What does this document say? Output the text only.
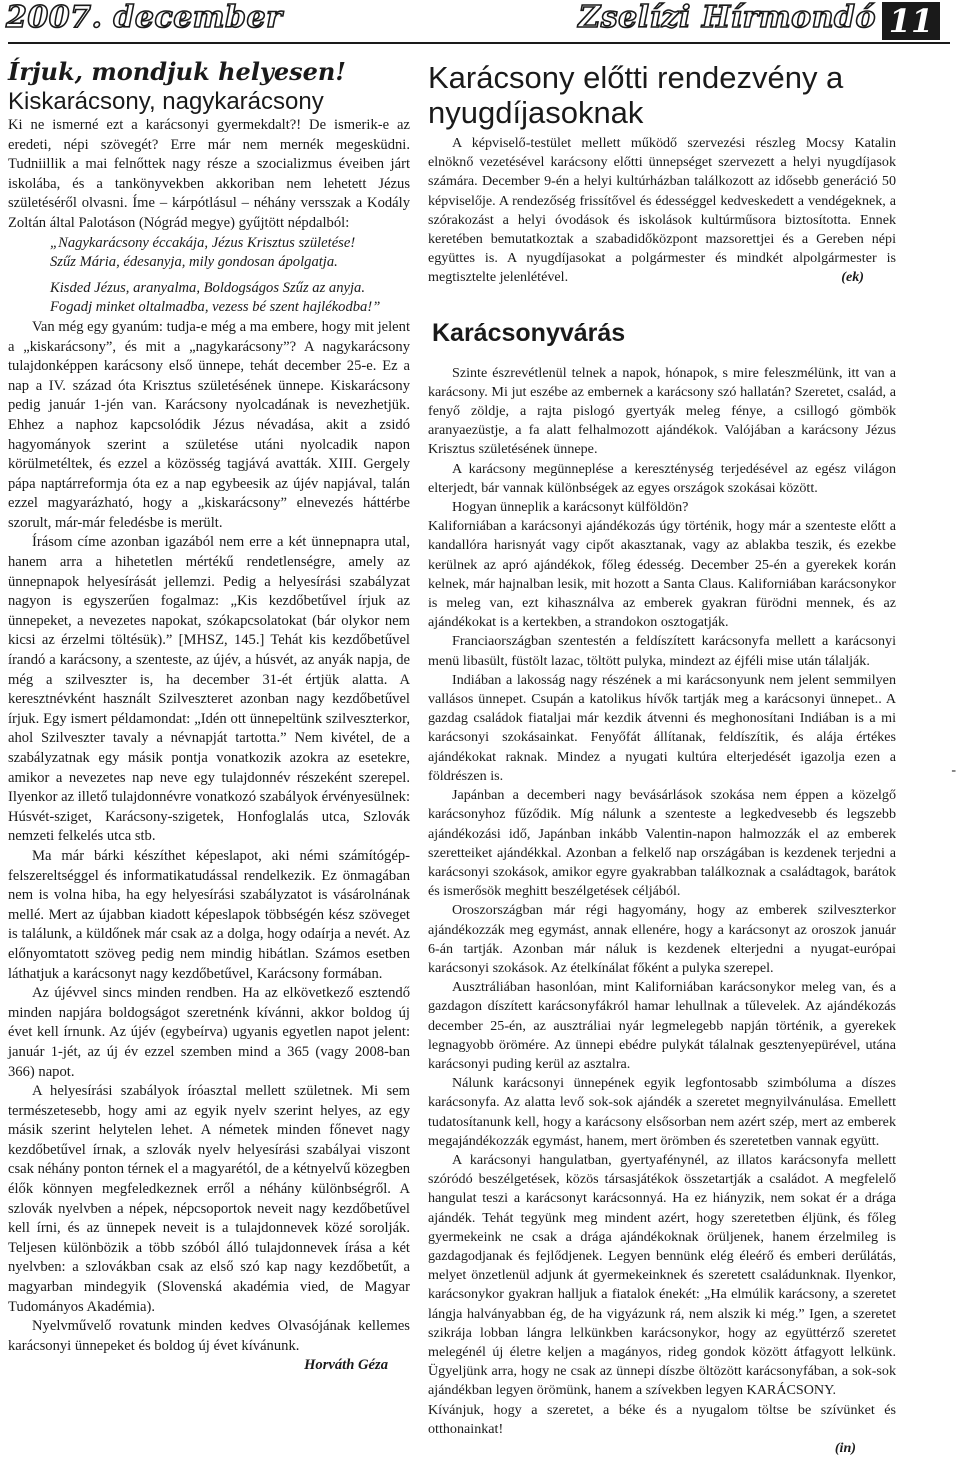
2007. december	Zselízi Hírmondó 11
Írjuk, mondjuk helyesen!
Kiskarácsony, nagykarácsony

Ki ne ismerné ezt a karácsonyi gyermekdalt?! De ismerik-e az eredeti, népi szövegét? Erre már nem mernék megesküdni. Tudniillik a mai felnőttek nagy része a szocializmus éveiben járt iskolába, és a tankönyvekben akkoriban nem lehetett Jézus születéséről olvasni. Íme – kárpótlásul – néhány versszak a Kodály Zoltán által Palotáson (Nógrád megye) gyűjtött népdalból:

„Nagykarácsony éccakája, Jézus Krisztus születése!

Szűz Mária, édesanyja, mily gondosan ápolgatja.

Kisded Jézus, aranyalma, Boldogságos Szűz az anyja.

Fogadj minket oltalmadba, vezess bé szent hajlékodba!”

Van még egy gyanúm: tudja-e még a ma embere, hogy mit jelent a „kiskarácsony”, és mit a „nagykarácsony”? A nagykarácsony tulajdonképpen karácsony első ünnepe, tehát december 25-e. Ez a nap a IV. század óta Krisztus születésének ünnepe. Kiskarácsony pedig január 1-jén van. Karácsony nyolcadának is nevezhetjük. Ehhez a naphoz kapcsolódik Jézus névadása, akit a zsidó hagyományok szerint a születése utáni nyolcadik napon körülmetéltek, és ezzel a közösség tagjává avatták. XIII. Gergely pápa naptárreformja óta ez a nap egybeesik az újév napjával, talán ezzel magyarázható, hogy a „kiskarácsony” elnevezés háttérbe szorult, már-már feledésbe is merült.

Írásom címe azonban igazából nem erre a két ünnepnapra utal, hanem arra a hihetetlen mértékű rendetlenségre, amely az ünnepnapok helyesírását jellemzi. Pedig a helyesírási szabályzat nagyon is egyszerűen fogalmaz: „Kis kezdőbetűvel írjuk az ünnepeket, a nevezetes napokat, szókapcsolatokat (bár olykor nem kicsi az érzelmi töltésük).” [MHSZ, 145.] Tehát kis kezdőbetűvel írandó a karácsony, a szenteste, az újév, a húsvét, az anyák napja, de még a szilveszter is, ha december 31-ét értjük alatta. A keresztnévként használt Szilveszteret azonban nagy kezdőbetűvel írjuk. Egy ismert példamondat: „Idén ott ünnepeltünk szilveszterkor, ahol Szilveszter tavaly a névnapját tartotta.” Nem kivétel, de a szabályzatnak egy másik pontja vonatkozik azokra az esetekre, amikor a nevezetes nap neve egy tulajdonnév részeként szerepel. Ilyenkor az illető tulajdonnévre vonatkozó szabályok érvényesülnek: Húsvét-sziget, Karácsony-szigetek, Honfoglalás utca, Szlovák nemzeti felkelés utca stb.

Ma már bárki készíthet képeslapot, aki némi számítógép-felszereltséggel és informatikatudással rendelkezik. Ez önmagában nem is volna hiba, ha egy helyesírási szabályzatot is vásárolnának mellé. Mert az újabban kiadott képeslapok többségén kész szöveget is találunk, a küldőnek már csak az a dolga, hogy odaírja a nevét. Az előnyomtatott szöveg pedig nem mindig hibátlan. Számos esetben láthatjuk a karácsonyt nagy kezdőbetűvel, Karácsony formában.

Az újévvel sincs minden rendben. Ha az elkövetkező esztendő minden napjára boldogságot szeretnénk kívánni, akkor boldog új évet kell írnunk. Az újév (egybeírva) ugyanis egyetlen napot jelent: január 1-jét, az új év ezzel szemben mind a 365 (vagy 2008-ban 366) napot.

A helyesírási szabályok íróasztal mellett születnek. Mi sem természetesebb, hogy ami az egyik nyelv szerint helyes, az egy másik szerint helytelen lehet. A németek minden főnevet nagy kezdőbetűvel írnak, a szlovák nyelv helyesírási szabályai viszont csak néhány ponton térnek el a magyarétól, de a kétnyelvű közegben élők könnyen megfeledkeznek erről a néhány különbségről. A szlovák nyelvben a népek, népcsoportok neveit nagy kezdőbetűvel kell írni, és az ünnepek neveit is a tulajdonnevek közé sorolják. Teljesen különbözik a több szóból álló tulajdonnevek írása a két nyelvben: a szlovákban csak az első szó kap nagy kezdőbetűt, a magyarban mindegyik (Slovenská akadémia vied, de Magyar Tudományos Akadémia).

Nyelvművelő rovatunk minden kedves Olvasójának kellemes karácsonyi ünnepeket és boldog új évet kívánunk.

Horváth Géza

Karácsony előtti rendezvény a nyugdíjasoknak

A képviselő-testület mellett működő szervezési részleg Mocsy Katalin elnöknő vezetésével karácsony előtti ünnepséget szervezett a helyi nyugdíjasok számára. December 9-én a helyi kultúrházban találkozott az idősebb generáció 50 képviselője. A rendezőség frissítővel és édességgel kedveskedett a vendégeknek, a szórakozást a helyi óvodások és iskolások kultúrműsora biztosította. Ennek keretében bemutatkoztak a szabadidőközpont mazsorettjei és a Gereben népi együttes is. A nyugdíjasokat a polgármester és mindkét alpolgármester is megtisztelte jelenlétével.	(ek)

Karácsonyvárás

Szinte észrevétlenül telnek a napok, hónapok, s mire feleszmélünk, itt van a karácsony. Mi jut eszébe az embernek a karácsony szó hallatán? Szeretet, család, a fenyő zöldje, a rajta pislogó gyertyák meleg fénye, a csillogó gömbök aranyaezüstje, a fa alatt felhalmozott ajándékok. Valójában a karácsony Jézus Krisztus születésének ünnepe.

A karácsony megünneplése a kereszténység terjedésével az egész világon elterjedt, bár vannak különbségek az egyes országok szokásai között.

Hogyan ünneplik a karácsonyt külföldön?

Kaliforniában a karácsonyi ajándékozás úgy történik, hogy már a szenteste előtt a kandallóra harisnyát vagy cipőt akasztanak, vagy az ablakba teszik, és ezekbe kerülnek az apró ajándékok, főleg édesség. December 25-én a gyerekek korán kelnek, már hajnalban lesik, mit hozott a Santa Claus. Kaliforniában karácsonykor is meleg van, ezt kihasználva az emberek gyakran fürödni mennek, és az ajándékokat is a kertekben, a strandokon osztogatják.

Franciaországban szentestén a feldíszített karácsonyfa mellett a karácsonyi menü libasült, füstölt lazac, töltött pulyka, mindezt az éjféli mise után tálalják.

Indiában a lakosság nagy részének a mi karácsonyunk nem jelent semmilyen vallásos ünnepet. Csupán a katolikus hívők tartják meg a karácsonyi ünnepet.. A gazdag családok fiataljai már kezdik átvenni és meghonosítani Indiában is a mi karácsonyi szokásainkat. Fenyőfát állítanak, feldíszítik, és alája értékes ajándékokat raknak. Mindez a nyugati kultúra elterjedését igazolja ezen a földrészen is.

Japánban a decemberi nagy bevásárlások szokása nem éppen a közelgő karácsonyhoz fűződik. Míg nálunk a szenteste a legkedvesebb és legszebb ajándékozási idő, Japánban inkább Valentin-napon halmozzák el az emberek szeretteiket ajándékkal. Azonban a felkelő nap országában is kezdenek terjedni a karácsonyi szokások, amikor egyre gyakrabban találkoznak a családtagok, barátok és ismerősök meghitt beszélgetések céljából.

Oroszországban már régi hagyomány, hogy az emberek szilveszterkor ajándékozzák meg egymást, annak ellenére, hogy a karácsonyt az oroszok január 6-án tartják. Azonban már náluk is kezdenek elterjedni a nyugat-európai karácsonyi szokások. Az ételkínálat főként a pulyka szerepel.

Ausztráliában hasonlóan, mint Kaliforniában karácsonykor meleg van, és a gazdagon díszített karácsonyfákról hamar lehullnak a tűlevelek. Az ajándékozás december 25-én, az ausztráliai nyár legmelegebb napján történik, a gyerekek legnagyobb örömére. Az ünnepi ebédre pulykát tálalnak gesztenyepürével, utána karácsonyi puding kerül az asztalra.

Nálunk karácsonyi ünnepének egyik legfontosabb szimbóluma a díszes karácsonyfa. Az alatta levő sok-sok ajándék a szeretet megnyilvánulása. Emellett tudatosítanunk kell, hogy a karácsony elsősorban nem azért szép, mert az emberek megajándékozzák egymást, hanem, mert örömben és szeretetben vannak együtt.

A karácsonyi hangulatban, gyertyafénynél, az illatos karácsonyfa mellett szóródó beszélgetések, közös társasjátékok összetartják a családot. A megfelelő hangulat teszi a karácsonyt karácsonnyá. Ha ez hiányzik, nem sokat ér a drága ajándék. Tehát tegyünk meg mindent azért, hogy szeretetben éljünk, és főleg gyermekeink ne csak a drága ajándékoknak örüljenek, hanem érzelmileg is gazdagodjanak és fejlődjenek. Legyen bennünk elég éleérő és emberi derűlátás, melyet önzetlenül adjunk át gyermekeinknek és szeretett családunknak. Ilyenkor, karácsonykor gyakran halljuk a fiatalok énekét: „Ha elmúlik karácsony, a szeretet lángja halványabban ég, de ha vigyázunk rá, nem alszik ki még.” Igen, a szeretet szikrája lobban lángra lelkünkben karácsonykor, hogy az együttérző szeretet melegénél új életre keljen a magányos, rideg gondok között átfagyott lelkünk. Ügyeljünk arra, hogy ne csak az ünnepi díszbe öltözött karácsonyfában, a sok-sok ajándékban legyen örömünk, hanem a szívekben legyen KARÁCSONY.

Kívánjuk, hogy a szeretet, a béke és a nyugalom töltse be szívünket és otthonainkat!

(in)

-
